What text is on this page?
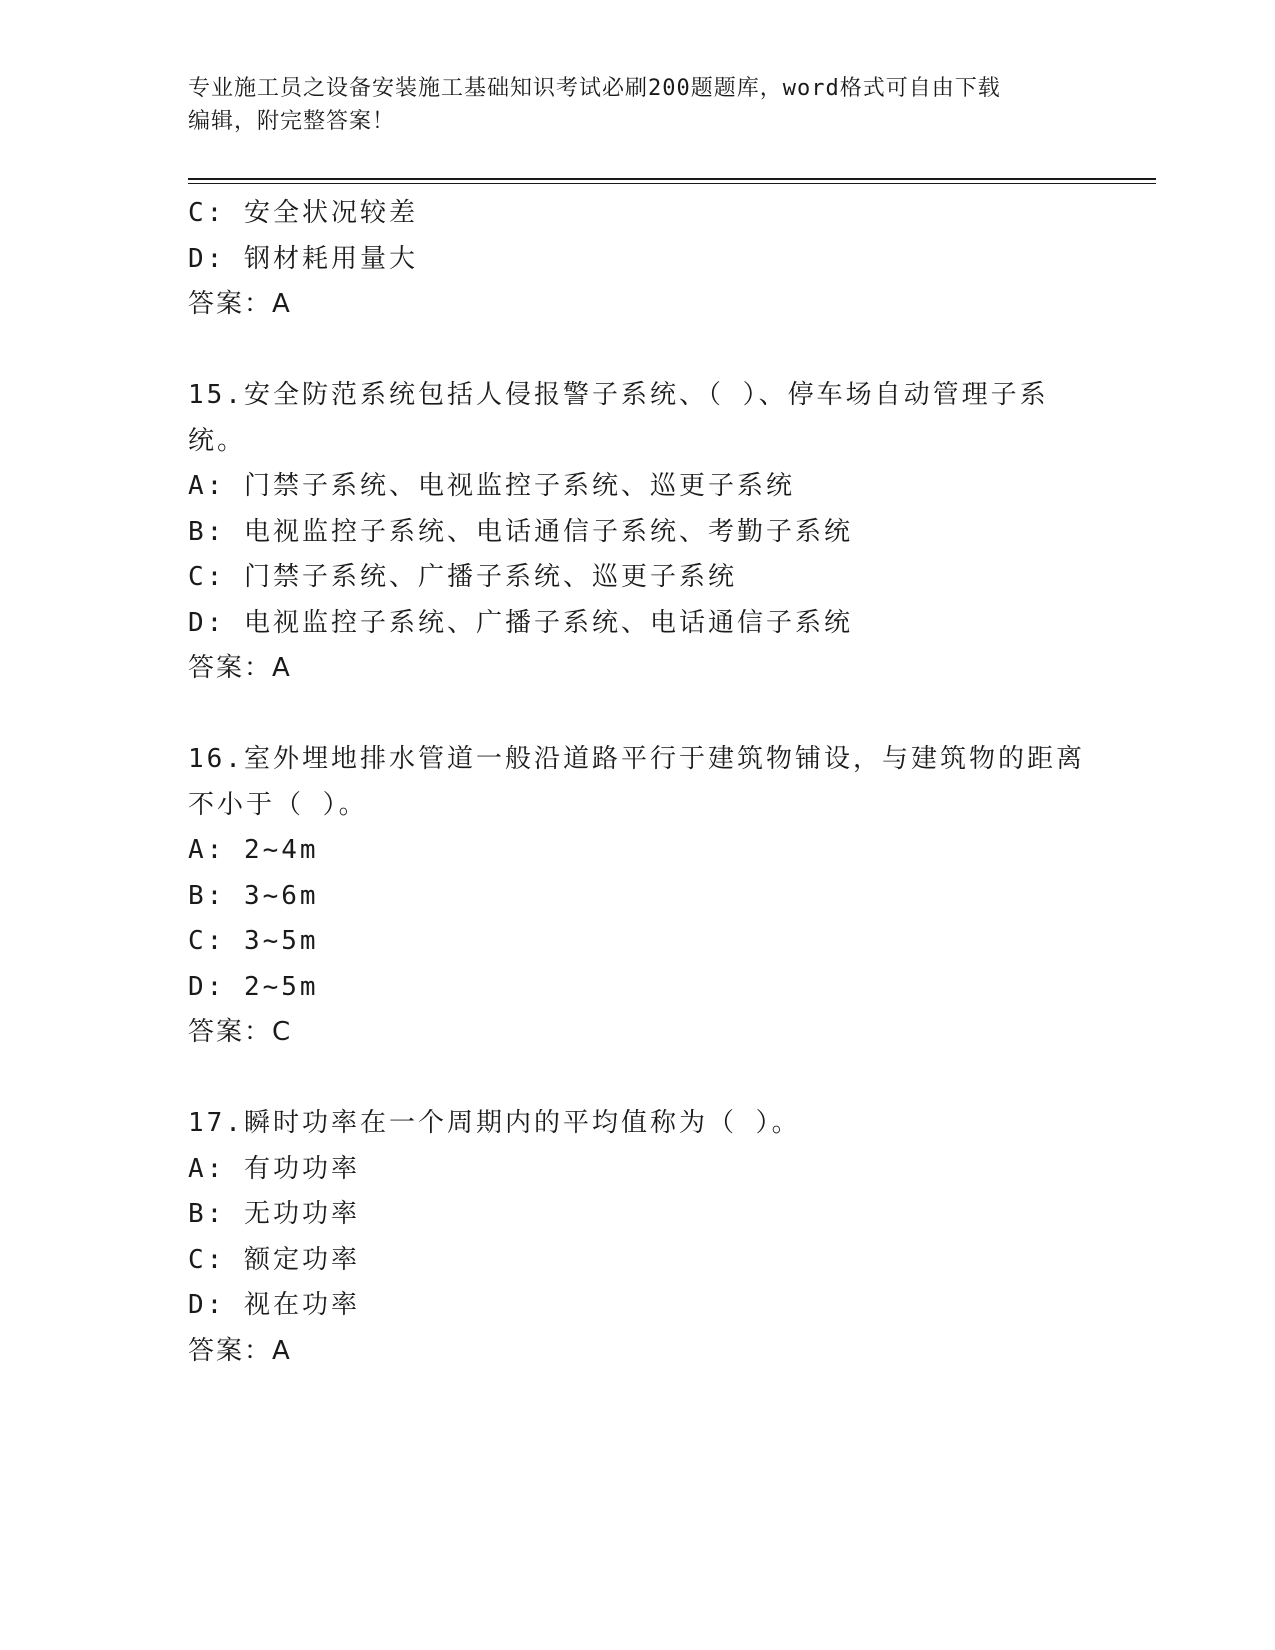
专业施工员之设备安装施工基础知识考试必刷200题题库，word格式可自由下载
编辑，附完整答案！
C: 安全状况较差
D: 钢材耗用量大
答案：A
15.安全防范系统包括人侵报警子系统、（ ）、停车场自动管理子系
统。
A: 门禁子系统、电视监控子系统、巡更子系统
B: 电视监控子系统、电话通信子系统、考勤子系统
C: 门禁子系统、广播子系统、巡更子系统
D: 电视监控子系统、广播子系统、电话通信子系统
答案：A
16.室外埋地排水管道一般沿道路平行于建筑物铺设，与建筑物的距离
不小于（ ）。
A: 2~4m
B: 3~6m
C: 3~5m
D: 2~5m
答案：C
17.瞬时功率在一个周期内的平均值称为（ ）。
A: 有功功率
B: 无功功率
C: 额定功率
D: 视在功率
答案：A
